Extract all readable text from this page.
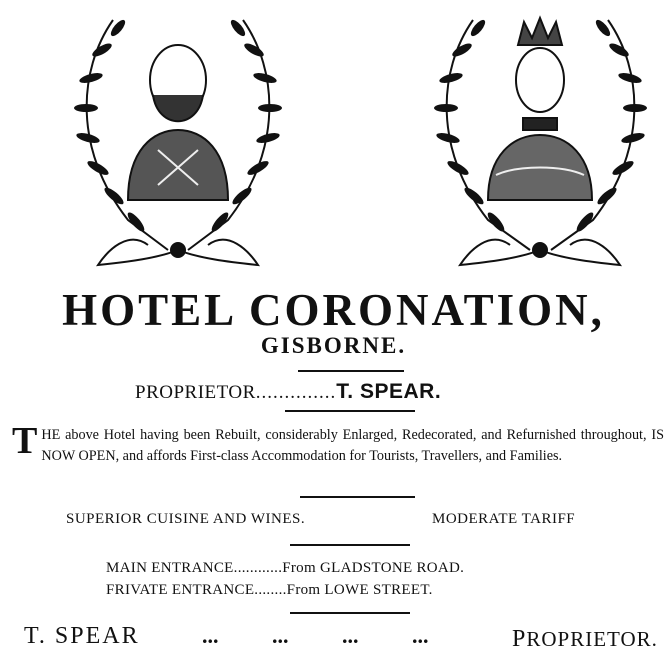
HOTEL CORONATION,
GISBORNE.
PROPRIETOR..............T. SPEAR.
THE above Hotel having been Rebuilt, considerably Enlarged, Redecorated, and Refurnished throughout, IS NOW OPEN, and affords First-class Accommodation for Tourists, Travellers, and Families.
SUPERIOR CUISINE AND WINES.	MODERATE TARIFF
MAIN ENTRANCE............From GLADSTONE ROAD.
FRIVATE ENTRANCE........From LOWE STREET.
T. SPEAR	... ... ... ...	PROPRIETOR.
